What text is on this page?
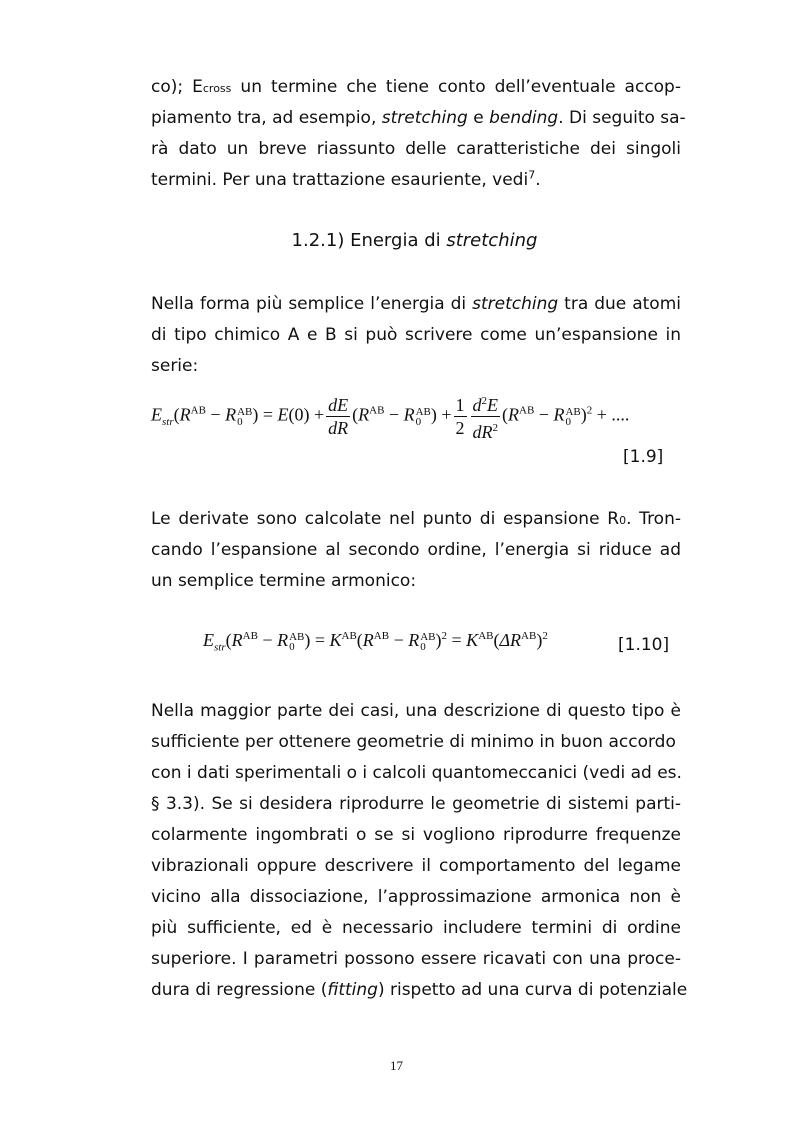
co); Ecross un termine che tiene conto dell’eventuale accop-
piamento tra, ad esempio, stretching e bending. Di seguito sa-
rà dato un breve riassunto delle caratteristiche dei singoli
termini. Per una trattazione esauriente, vedi$^7$.
1.2.1) Energia di stretching
Nella forma più semplice l’energia di stretching tra due atomi
di tipo chimico A e B si può scrivere come un’espansione in
serie:
$E_{str}(R^{AB} - R$ AB
0 ) = $E(0) + \frac{dE}{dR} (R^{AB} - R$ AB
0 ) + $\frac{1}{2} \frac{d^2E}{dR^2} (R^{AB} - R$ AB
0 )$^2$ + ....
[1.9]
Le derivate sono calcolate nel punto di espansione R0. Tron-
cando l’espansione al secondo ordine, l’energia si riduce ad
un semplice termine armonico:
$E_{str}(R^{AB} - R$ AB
0 ) = $K^{AB}(R^{AB} - R$ AB
0 )$^2 = K^{AB}(\Delta R^{AB})^2$	[1.10]
Nella maggior parte dei casi, una descrizione di questo tipo è
sufficiente per ottenere geometrie di minimo in buon accordo
con i dati sperimentali o i calcoli quantomeccanici (vedi ad es.
§ 3.3). Se si desidera riprodurre le geometrie di sistemi parti-
colarmente ingombrati o se si vogliono riprodurre frequenze
vibrazionali oppure descrivere il comportamento del legame
vicino alla dissociazione, l’approssimazione armonica non è
più sufficiente, ed è necessario includere termini di ordine
superiore. I parametri possono essere ricavati con una proce-
dura di regressione (fitting) rispetto ad una curva di potenziale
17
